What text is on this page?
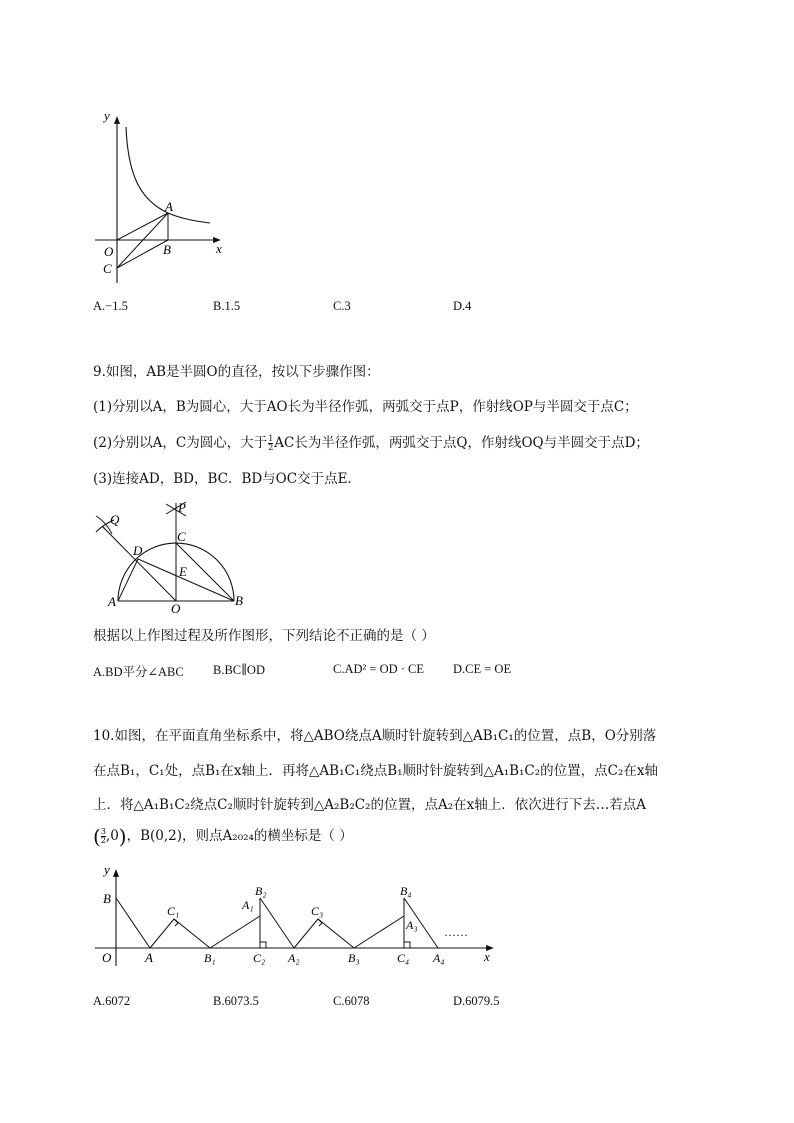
y
x
O
A
B
C
A.−1.5	B.1.5	C.3	D.4
9.如图，AB是半圆O的直径，按以下步骤作图：
(1)分别以A，B为圆心，大于AO长为半径作弧，两弧交于点P，作射线OP与半圆交于点C；
(2)分别以A，C为圆心，大于 $\frac{1}{2}$ AC长为半径作弧，两弧交于点Q，作射线OQ与半圆交于点D；
(3)连接AD，BD，BC．BD与OC交于点E．
Q
P
C
D
E
A	O
B
根据以上作图过程及所作图形，下列结论不正确的是（ ）
A.BD平分∠ABC B.BC∥OD	C.AD² = OD · CE D.CE = OE
10.如图，在平面直角坐标系中，将△ABO绕点A顺时针旋转到△AB₁C₁的位置，点B，O分别落
在点B₁，C₁处，点B₁在x轴上．再将△AB₁C₁绕点B₁顺时针旋转到△A₁B₁C₂的位置，点C₂在x轴
上．将△A₁B₁C₂绕点C₂顺时针旋转到△A₂B₂C₂的位置，点A₂在x轴上．依次进行下去…若点A
( $\frac{3}{2} ,0$)，B(0,2)，则点A₂₀₂₄的横坐标是（ ）
y
x
B
O	A
C₁
B₁
A₁
B₂
C₂ A₂
C₃
B₃
B₄
A₃
C₄ A₄
……
A.6072	B.6073.5	C.6078	D.6079.5
